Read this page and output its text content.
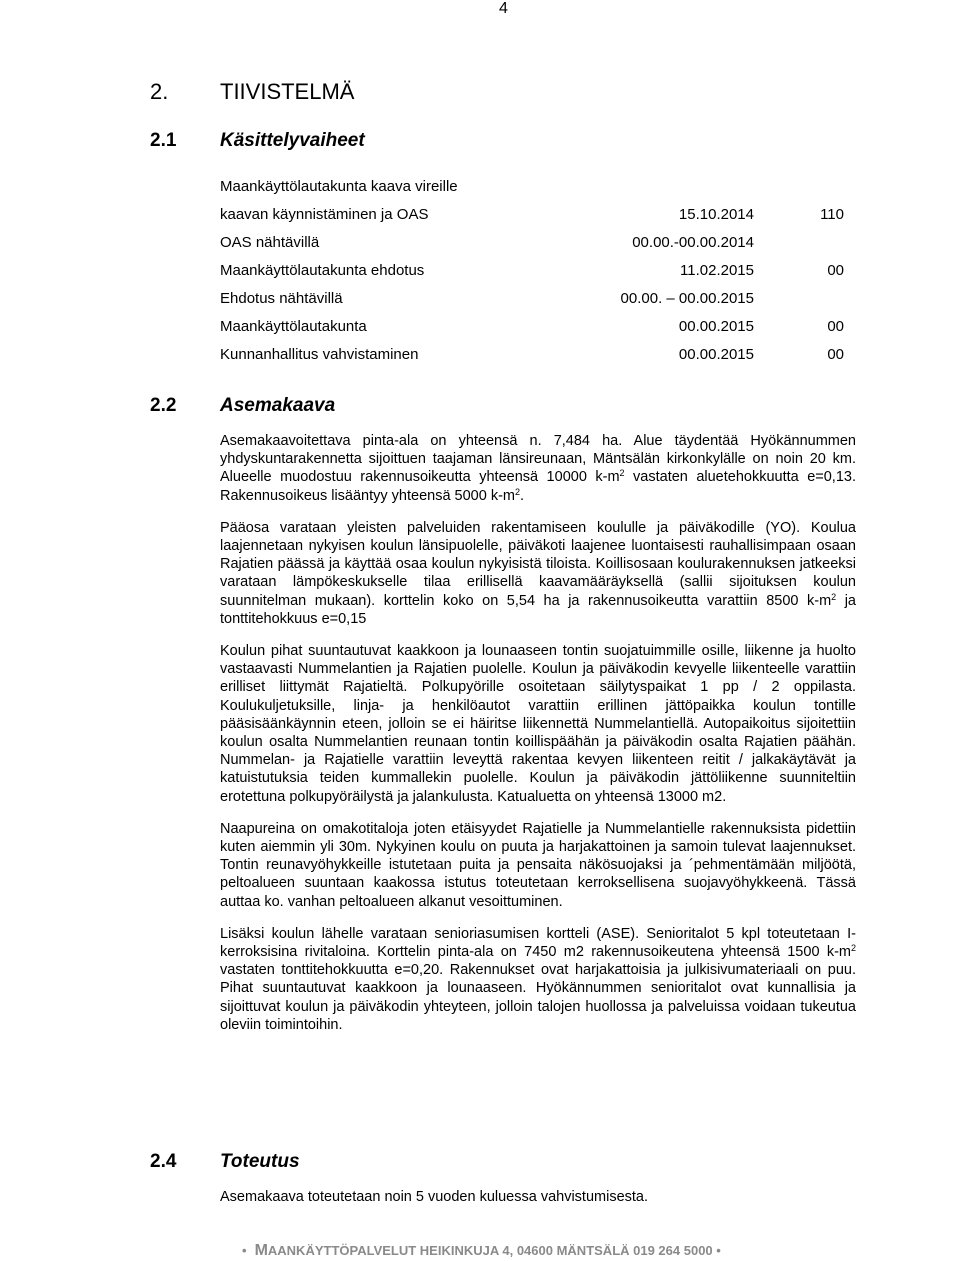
4
2. TIIVISTELMÄ
2.1 Käsittelyvaiheet
Maankäyttölautakunta kaava vireille
kaavan käynnistäminen ja OAS	15.10.2014	110
OAS nähtävillä	00.00.-00.00.2014
Maankäyttölautakunta ehdotus	11.02.2015	00
Ehdotus nähtävillä	00.00. – 00.00.2015
Maankäyttölautakunta	00.00.2015	00
Kunnanhallitus vahvistaminen	00.00.2015	00
2.2 Asemakaava

Asemakaavoitettava pinta-ala on yhteensä n. 7,484 ha. Alue täydentää Hyökännummen yhdyskuntarakennetta sijoittuen taajaman länsireunaan, Mäntsälän kirkonkylälle on noin 20 km. Alueelle muodostuu rakennusoikeutta yhteensä 10000 $k-m^2$ vastaten aluetehokkuutta e=0,13. Rakennusoikeus lisääntyy yhteensä 5000 $k-m^2$.

Pääosa varataan yleisten palveluiden rakentamiseen koululle ja päiväkodille (YO). Koulua laajennetaan nykyisen koulun länsipuolelle, päiväkoti laajenee luontaisesti rauhallisimpaan osaan Rajatien päässä ja käyttää osaa koulun nykyisistä tiloista. Koillisosaan koulurakennuksen jatkeeksi varataan lämpökeskukselle tilaa erillisellä kaavamääräyksellä (sallii sijoituksen koulun suunnitelman mukaan). korttelin koko on 5,54 ha ja rakennusoikeutta varattiin 8500 $k-m^2$ ja tonttitehokkuus e=0,15

Koulun pihat suuntautuvat kaakkoon ja lounaaseen tontin suojatuimmille osille, liikenne ja huolto vastaavasti Nummelantien ja Rajatien puolelle. Koulun ja päiväkodin kevyelle liikenteelle varattiin erilliset liittymät Rajatieltä. Polkupyörille osoitetaan säilytyspaikat 1 pp / 2 oppilasta. Koulukuljetuksille, linja- ja henkilöautot varattiin erillinen jättöpaikka koulun tontille pääsisäänkäynnin eteen, jolloin se ei häiritse liikennettä Nummelantiellä. Autopaikoitus sijoitettiin koulun osalta Nummelantien reunaan tontin koillispäähän ja päiväkodin osalta Rajatien päähän. Nummelan- ja Rajatielle varattiin leveyttä rakentaa kevyen liikenteen reitit / jalkakäytävät ja katuistutuksia teiden kummallekin puolelle. Koulun ja päiväkodin jättöliikenne suunniteltiin erotettuna polkupyöräilystä ja jalankulusta. Katualuetta on yhteensä 13000 m2.

Naapureina on omakotitaloja joten etäisyydet Rajatielle ja Nummelantielle rakennuksista pidettiin kuten aiemmin yli 30m. Nykyinen koulu on puuta ja harjakattoinen ja samoin tulevat laajennukset. Tontin reunavyöhykkeille istutetaan puita ja pensaita näkösuojaksi ja ´pehmentämään miljöötä, peltoalueen suuntaan kaakossa istutus toteutetaan kerroksellisena suojavyöhykkeenä. Tässä auttaa ko. vanhan peltoalueen alkanut vesoittuminen.

Lisäksi koulun lähelle varataan senioriasumisen kortteli (ASE). Senioritalot 5 kpl toteutetaan I-kerroksisina rivitaloina. Korttelin pinta-ala on 7450 m2 rakennusoikeutena yhteensä 1500 $k-m^2$ vastaten tonttitehokkuutta e=0,20. Rakennukset ovat harjakattoisia ja julkisivumateriaali on puu. Pihat suuntautuvat kaakkoon ja lounaaseen. Hyökännummen senioritalot ovat kunnallisia ja sijoittuvat koulun ja päiväkodin yhteyteen, jolloin talojen huollossa ja palveluissa voidaan tukeutua oleviin toimintoihin.

2.4 Toteutus

Asemakaava toteutetaan noin 5 vuoden kuluessa vahvistumisesta.

• MAANKÄYTTÖPALVELUT HEIKINKUJA 4, 04600 MÄNTSÄLÄ 019 264 5000 •
